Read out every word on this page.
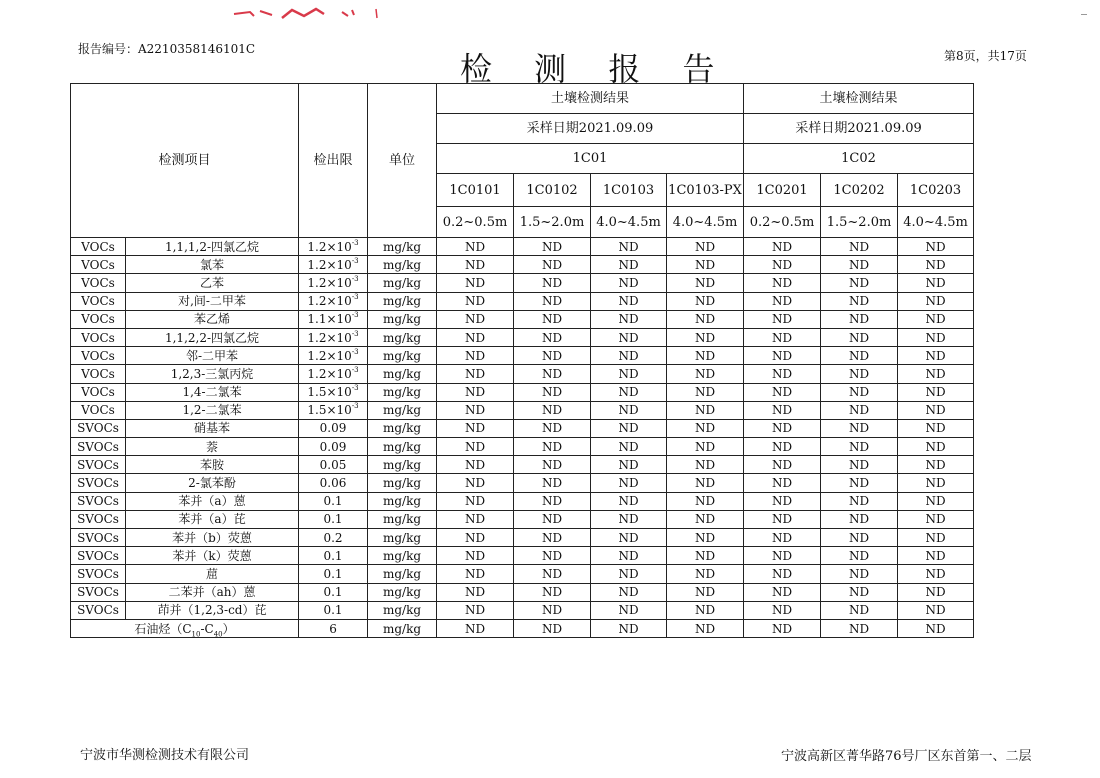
报告编号：A2210358146101C
检 测 报 告	第8页，共17页
检测项目		检出限	单位	土壤检测结果				土壤检测结果		
				采样日期2021.09.09				采样日期2021.09.09		
				1C01				1C02		
				1C0101	1C0102	1C0103	1C0103-PX	1C0201	1C0202	1C0203
				0.2~0.5m	1.5~2.0m	4.0~4.5m	4.0~4.5m	0.2~0.5m	1.5~2.0m	4.0~4.5m
VOCs	1,1,1,2-四氯乙烷	$1.2\times 10^{-3}$	mg/kg	ND	ND	ND	ND	ND	ND	ND
VOCs	氯苯	$1.2\times 10^{-3}$	mg/kg	ND	ND	ND	ND	ND	ND	ND
VOCs	乙苯	$1.2\times 10^{-3}$	mg/kg	ND	ND	ND	ND	ND	ND	ND
VOCs	对,间-二甲苯	$1.2\times 10^{-3}$	mg/kg	ND	ND	ND	ND	ND	ND	ND
VOCs	苯乙烯	$1.1\times 10^{-3}$	mg/kg	ND	ND	ND	ND	ND	ND	ND
VOCs	1,1,2,2-四氯乙烷	$1.2\times 10^{-3}$	mg/kg	ND	ND	ND	ND	ND	ND	ND
VOCs	邻-二甲苯	$1.2\times 10^{-3}$	mg/kg	ND	ND	ND	ND	ND	ND	ND
VOCs	1,2,3-三氯丙烷	$1.2\times 10^{-3}$	mg/kg	ND	ND	ND	ND	ND	ND	ND
VOCs	1,4-二氯苯	$1.5\times 10^{-3}$	mg/kg	ND	ND	ND	ND	ND	ND	ND
VOCs	1,2-二氯苯	$1.5\times 10^{-3}$	mg/kg	ND	ND	ND	ND	ND	ND	ND
SVOCs	硝基苯	0.09	mg/kg	ND	ND	ND	ND	ND	ND	ND
SVOCs	萘	0.09	mg/kg	ND	ND	ND	ND	ND	ND	ND
SVOCs	苯胺	0.05	mg/kg	ND	ND	ND	ND	ND	ND	ND
SVOCs	2-氯苯酚	0.06	mg/kg	ND	ND	ND	ND	ND	ND	ND
SVOCs	苯并（a）蒽	0.1	mg/kg	ND	ND	ND	ND	ND	ND	ND
SVOCs	苯并（a）芘	0.1	mg/kg	ND	ND	ND	ND	ND	ND	ND
SVOCs	苯并（b）荧蒽	0.2	mg/kg	ND	ND	ND	ND	ND	ND	ND
SVOCs	苯并（k）荧蒽	0.1	mg/kg	ND	ND	ND	ND	ND	ND	ND
SVOCs	䓛	0.1	mg/kg	ND	ND	ND	ND	ND	ND	ND
SVOCs	二苯并（ah）蒽	0.1	mg/kg	ND	ND	ND	ND	ND	ND	ND
SVOCs	茚并（1,2,3-cd）芘	0.1	mg/kg	ND	ND	ND	ND	ND	ND	ND
石油烃$(C_{10}-C_{40})$		6	mg/kg	ND	ND	ND	ND	ND	ND	ND
宁波市华测检测技术有限公司	宁波高新区菁华路76号厂区东首第一、二层
